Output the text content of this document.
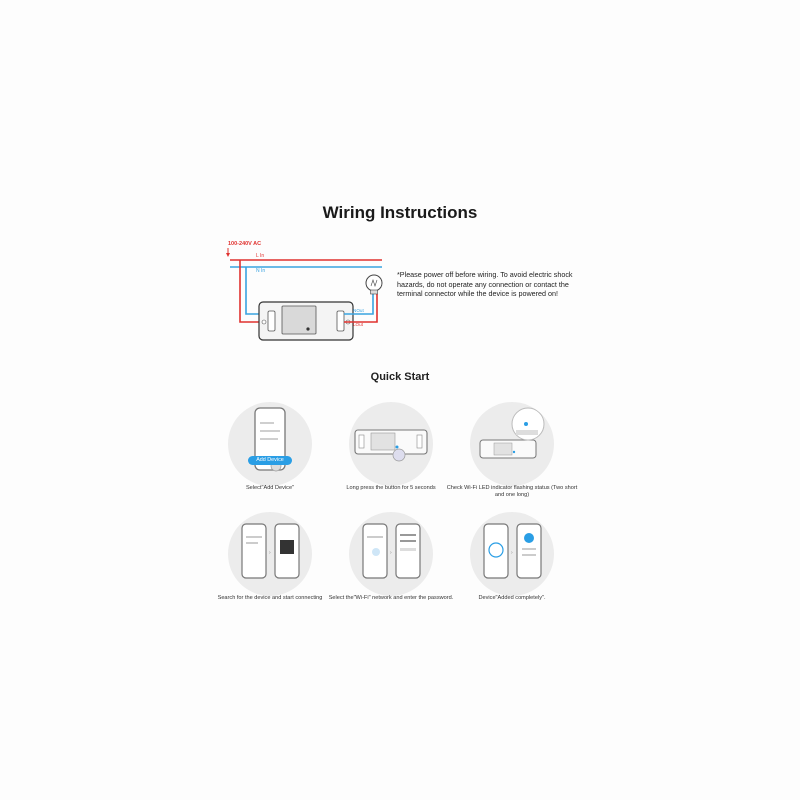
Wiring Instructions
100-240V AC
L In
N In
NOut
LOut
*Please power off before wiring. To avoid electric shock hazards, do not operate any connection or contact the terminal connector while the device is powered on!
Quick Start
Select"Add Device"
Add Device
Long press the button for 5 seconds	Check Wi-Fi LED indicator flashing status (Two short and one long)
›
Search for the device and start connecting
›
Select the"Wi-Fi" network and enter the password.
›
Device"Added completely".
